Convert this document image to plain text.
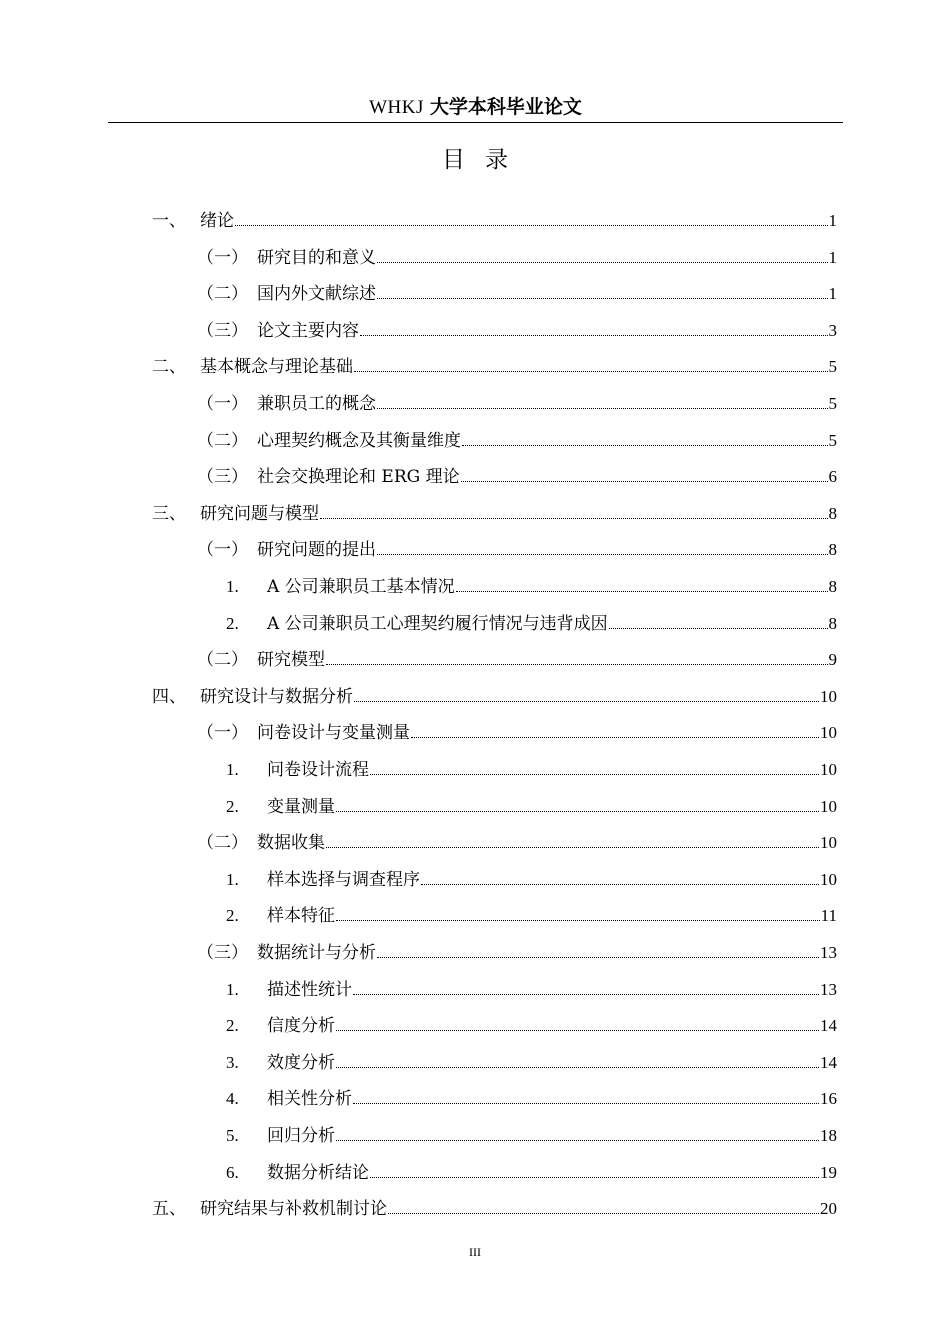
WHKJ 大学本科毕业论文
目录
一、 绪论	1
（一） 研究目的和意义	1
（二） 国内外文献综述	1
（三） 论文主要内容	3
二、 基本概念与理论基础	5
（一） 兼职员工的概念	5
（二） 心理契约概念及其衡量维度	5
（三） 社会交换理论和 ERG 理论	6
三、 研究问题与模型	8
（一） 研究问题的提出	8
1.	A 公司兼职员工基本情况	8
2.	A 公司兼职员工心理契约履行情况与违背成因	8
（二） 研究模型	9
四、 研究设计与数据分析	10
（一） 问卷设计与变量测量	10
1.	问卷设计流程	10
2.	变量测量	10
（二） 数据收集	10
1.	样本选择与调查程序	10
2.	样本特征	11
（三） 数据统计与分析	13
1.	描述性统计	13
2.	信度分析	14
3.	效度分析	14
4.	相关性分析	16
5.	回归分析	18
6.	数据分析结论	19
五、 研究结果与补救机制讨论	20
III
